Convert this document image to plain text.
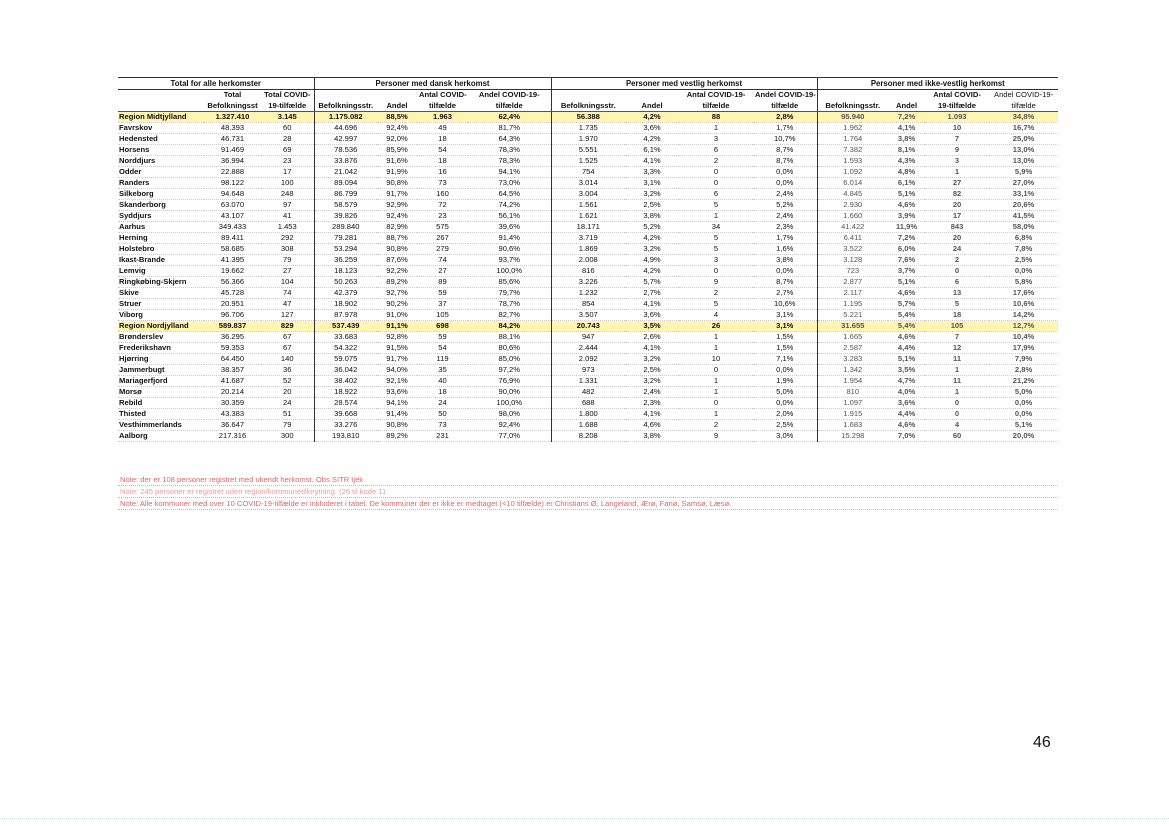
Total for alle herkomster			Personer med dansk herkomst				Personer med vestlig herkomst				Personer med ikke-vestlig herkomst			
	Total	Total COVID-			Antal COVID-	Andel COVID-19-			Antal COVID-19-	Andel COVID-19-			Antal COVID-	Andel COVID-19-
	Befolkningsst	19-tilfælde	Befolkningsstr.	Andel	tilfælde	tilfælde	Befolkningsstr.	Andel	tilfælde	tilfælde	Befolkningsstr.	Andel	19-tilfælde	tilfælde
Region Midtjylland	1.327.410	3.145	1.175.082	88,5%	1.963	62,4%	56.388	4,2%	88	2,8%	95.940	7,2%	1.093	34,8%
Favrskov	48.393	60	44.696	92,4%	49	81,7%	1.735	3,6%	1	1,7%	1.962	4,1%	10	16,7%
Hedensted	46.731	28	42.997	92,0%	18	64,3%	1.970	4,2%	3	10,7%	1.764	3,8%	7	25,0%
Horsens	91.469	69	78.536	85,9%	54	78,3%	5.551	6,1%	6	8,7%	7.382	8,1%	9	13,0%
Norddjurs	36.994	23	33.876	91,6%	18	78,3%	1.525	4,1%	2	8,7%	1.593	4,3%	3	13,0%
Odder	22.888	17	21.042	91,9%	16	94,1%	754	3,3%	0	0,0%	1.092	4,8%	1	5,9%
Randers	98.122	100	89.094	90,8%	73	73,0%	3.014	3,1%	0	0,0%	6.014	6,1%	27	27,0%
Silkeborg	94.648	248	86.799	91,7%	160	64,5%	3.004	3,2%	6	2,4%	4.845	5,1%	82	33,1%
Skanderborg	63.070	97	58.579	92,9%	72	74,2%	1.561	2,5%	5	5,2%	2.930	4,6%	20	20,6%
Syddjurs	43.107	41	39.826	92,4%	23	56,1%	1.621	3,8%	1	2,4%	1.660	3,9%	17	41,5%
Aarhus	349.433	1.453	289.840	82,9%	575	39,6%	18.171	5,2%	34	2,3%	41.422	11,9%	843	58,0%
Herning	89.411	292	79.281	88,7%	267	91,4%	3.719	4,2%	5	1,7%	6.411	7,2%	20	6,8%
Holstebro	58.685	308	53.294	90,8%	279	90,6%	1.869	3,2%	5	1,6%	3.522	6,0%	24	7,8%
Ikast-Brande	41.395	79	36.259	87,6%	74	93,7%	2.008	4,9%	3	3,8%	3.128	7,6%	2	2,5%
Lemvig	19.662	27	18.123	92,2%	27	100,0%	816	4,2%	0	0,0%	723	3,7%	0	0,0%
Ringkøbing-Skjern	56.366	104	50.263	89,2%	89	85,6%	3.226	5,7%	9	8,7%	2.877	5,1%	6	5,8%
Skive	45.728	74	42.379	92,7%	59	79,7%	1.232	2,7%	2	2,7%	2.117	4,6%	13	17,6%
Struer	20.951	47	18.902	90,2%	37	78,7%	854	4,1%	5	10,6%	1.195	5,7%	5	10,6%
Viborg	96.706	127	87.978	91,0%	105	82,7%	3.507	3,6%	4	3,1%	5.221	5,4%	18	14,2%
Region Nordjylland	589.837	829	537.439	91,1%	698	84,2%	20.743	3,5%	26	3,1%	31.655	5,4%	105	12,7%
Brønderslev	36.295	67	33.683	92,8%	59	88,1%	947	2,6%	1	1,5%	1.665	4,6%	7	10,4%
Frederikshavn	59.353	67	54.322	91,5%	54	80,6%	2.444	4,1%	1	1,5%	2.587	4,4%	12	17,9%
Hjørring	64.450	140	59.075	91,7%	119	85,0%	2.092	3,2%	10	7,1%	3.283	5,1%	11	7,9%
Jammerbugt	38.357	36	36.042	94,0%	35	97,2%	973	2,5%	0	0,0%	1.342	3,5%	1	2,8%
Mariagerfjord	41.687	52	38.402	92,1%	40	76,9%	1.331	3,2%	1	1,9%	1.954	4,7%	11	21,2%
Morsø	20.214	20	18.922	93,6%	18	90,0%	482	2,4%	1	5,0%	810	4,0%	1	5,0%
Rebild	30.359	24	28.574	94,1%	24	100,0%	688	2,3%	0	0,0%	1.097	3,6%	0	0,0%
Thisted	43.383	51	39.668	91,4%	50	98,0%	1.800	4,1%	1	2,0%	1.915	4,4%	0	0,0%
Vesthimmerlands	36.647	79	33.276	90,8%	73	92,4%	1.688	4,6%	2	2,5%	1.683	4,6%	4	5,1%
Aalborg	217.316	300	193.810	89,2%	231	77,0%	8.208	3,8%	9	3,0%	15.298	7,0%	60	20,0%
Note: der er 108 personer registret med ukendt herkomst. Obs SITR tjek
Note: 245 personer er registret uden region/kommunetilknytning. (26 til kode 11
Note: Alle kommuner med over 10 COVID-19-tilfælde er inkluderet i tabel. De kommuner der er ikke er medtaget (<10 tilfælde) er Christians Ø, Langeland, Ærø, Fanø, Samsø, Læsø.
46
